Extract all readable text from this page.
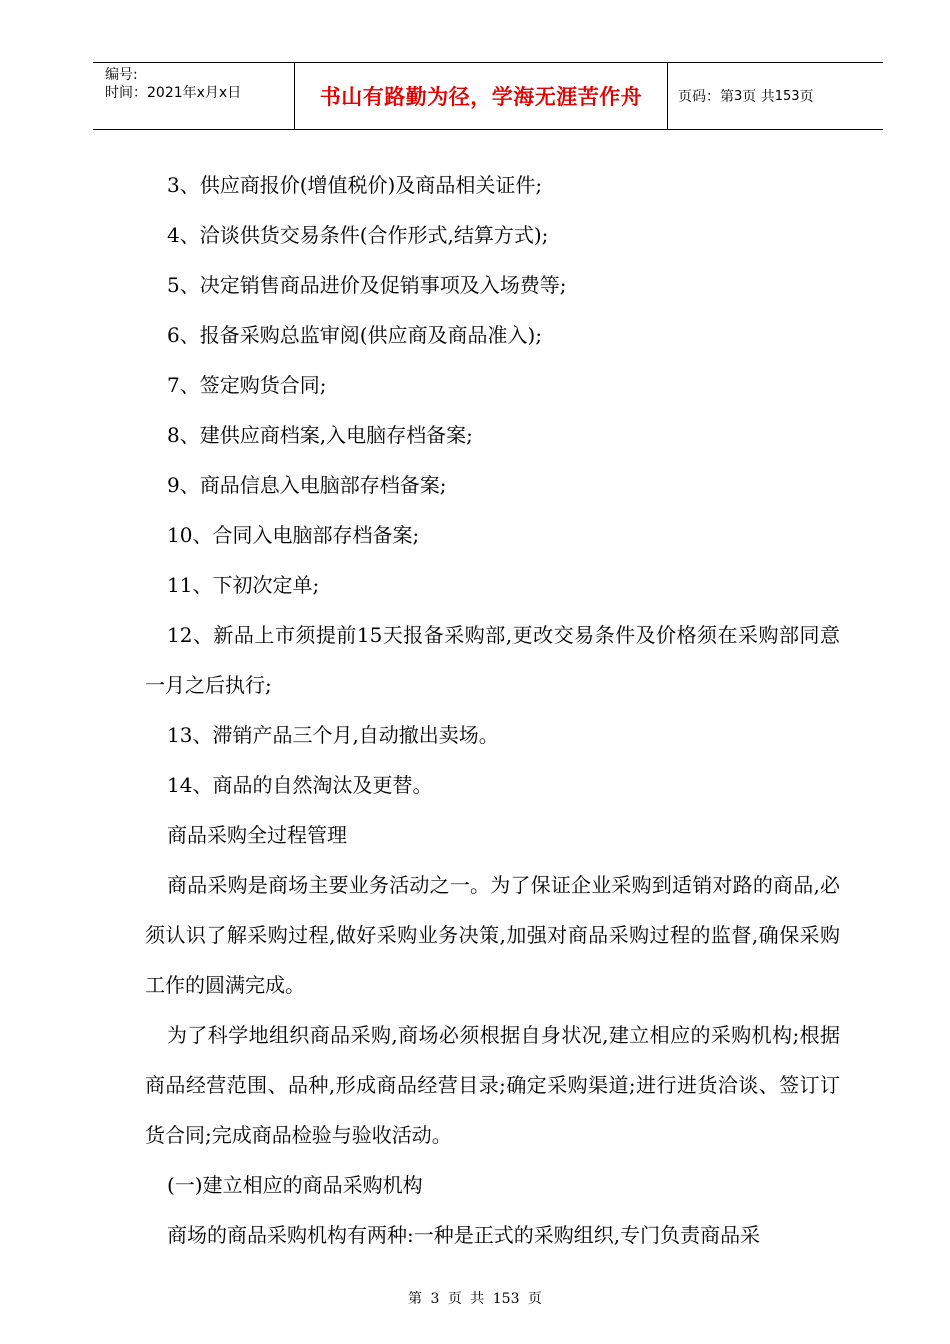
编号:
时间：2021年x月x日	书山有路勤为径，学海无涯苦作舟	页码：第 3 页 共 153 页

3、供应商报价(增值税价)及商品相关证件;

4、洽谈供货交易条件(合作形式,结算方式);

5、决定销售商品进价及促销事项及入场费等;

6、报备采购总监审阅(供应商及商品准入);

7、签定购货合同;

8、建供应商档案,入电脑存档备案;

9、商品信息入电脑部存档备案;

10、合同入电脑部存档备案;

11、下初次定单;

12、新品上市须提前15天报备采购部,更改交易条件及价格须在采购部同意一月之后执行;

13、滞销产品三个月,自动撤出卖场。

14、商品的自然淘汰及更替。

商品采购全过程管理

商品采购是商场主要业务活动之一。为了保证企业采购到适销对路的商品,必须认识了解采购过程,做好采购业务决策,加强对商品采购过程的监督,确保采购工作的圆满完成。

为了科学地组织商品采购,商场必须根据自身状况,建立相应的采购机构;根据商品经营范围、品种,形成商品经营目录;确定采购渠道;进行进货洽谈、签订订货合同;完成商品检验与验收活动。

(一)建立相应的商品采购机构

商场的商品采购机构有两种:一种是正式的采购组织,专门负责商品采

第 3 页 共 153 页
